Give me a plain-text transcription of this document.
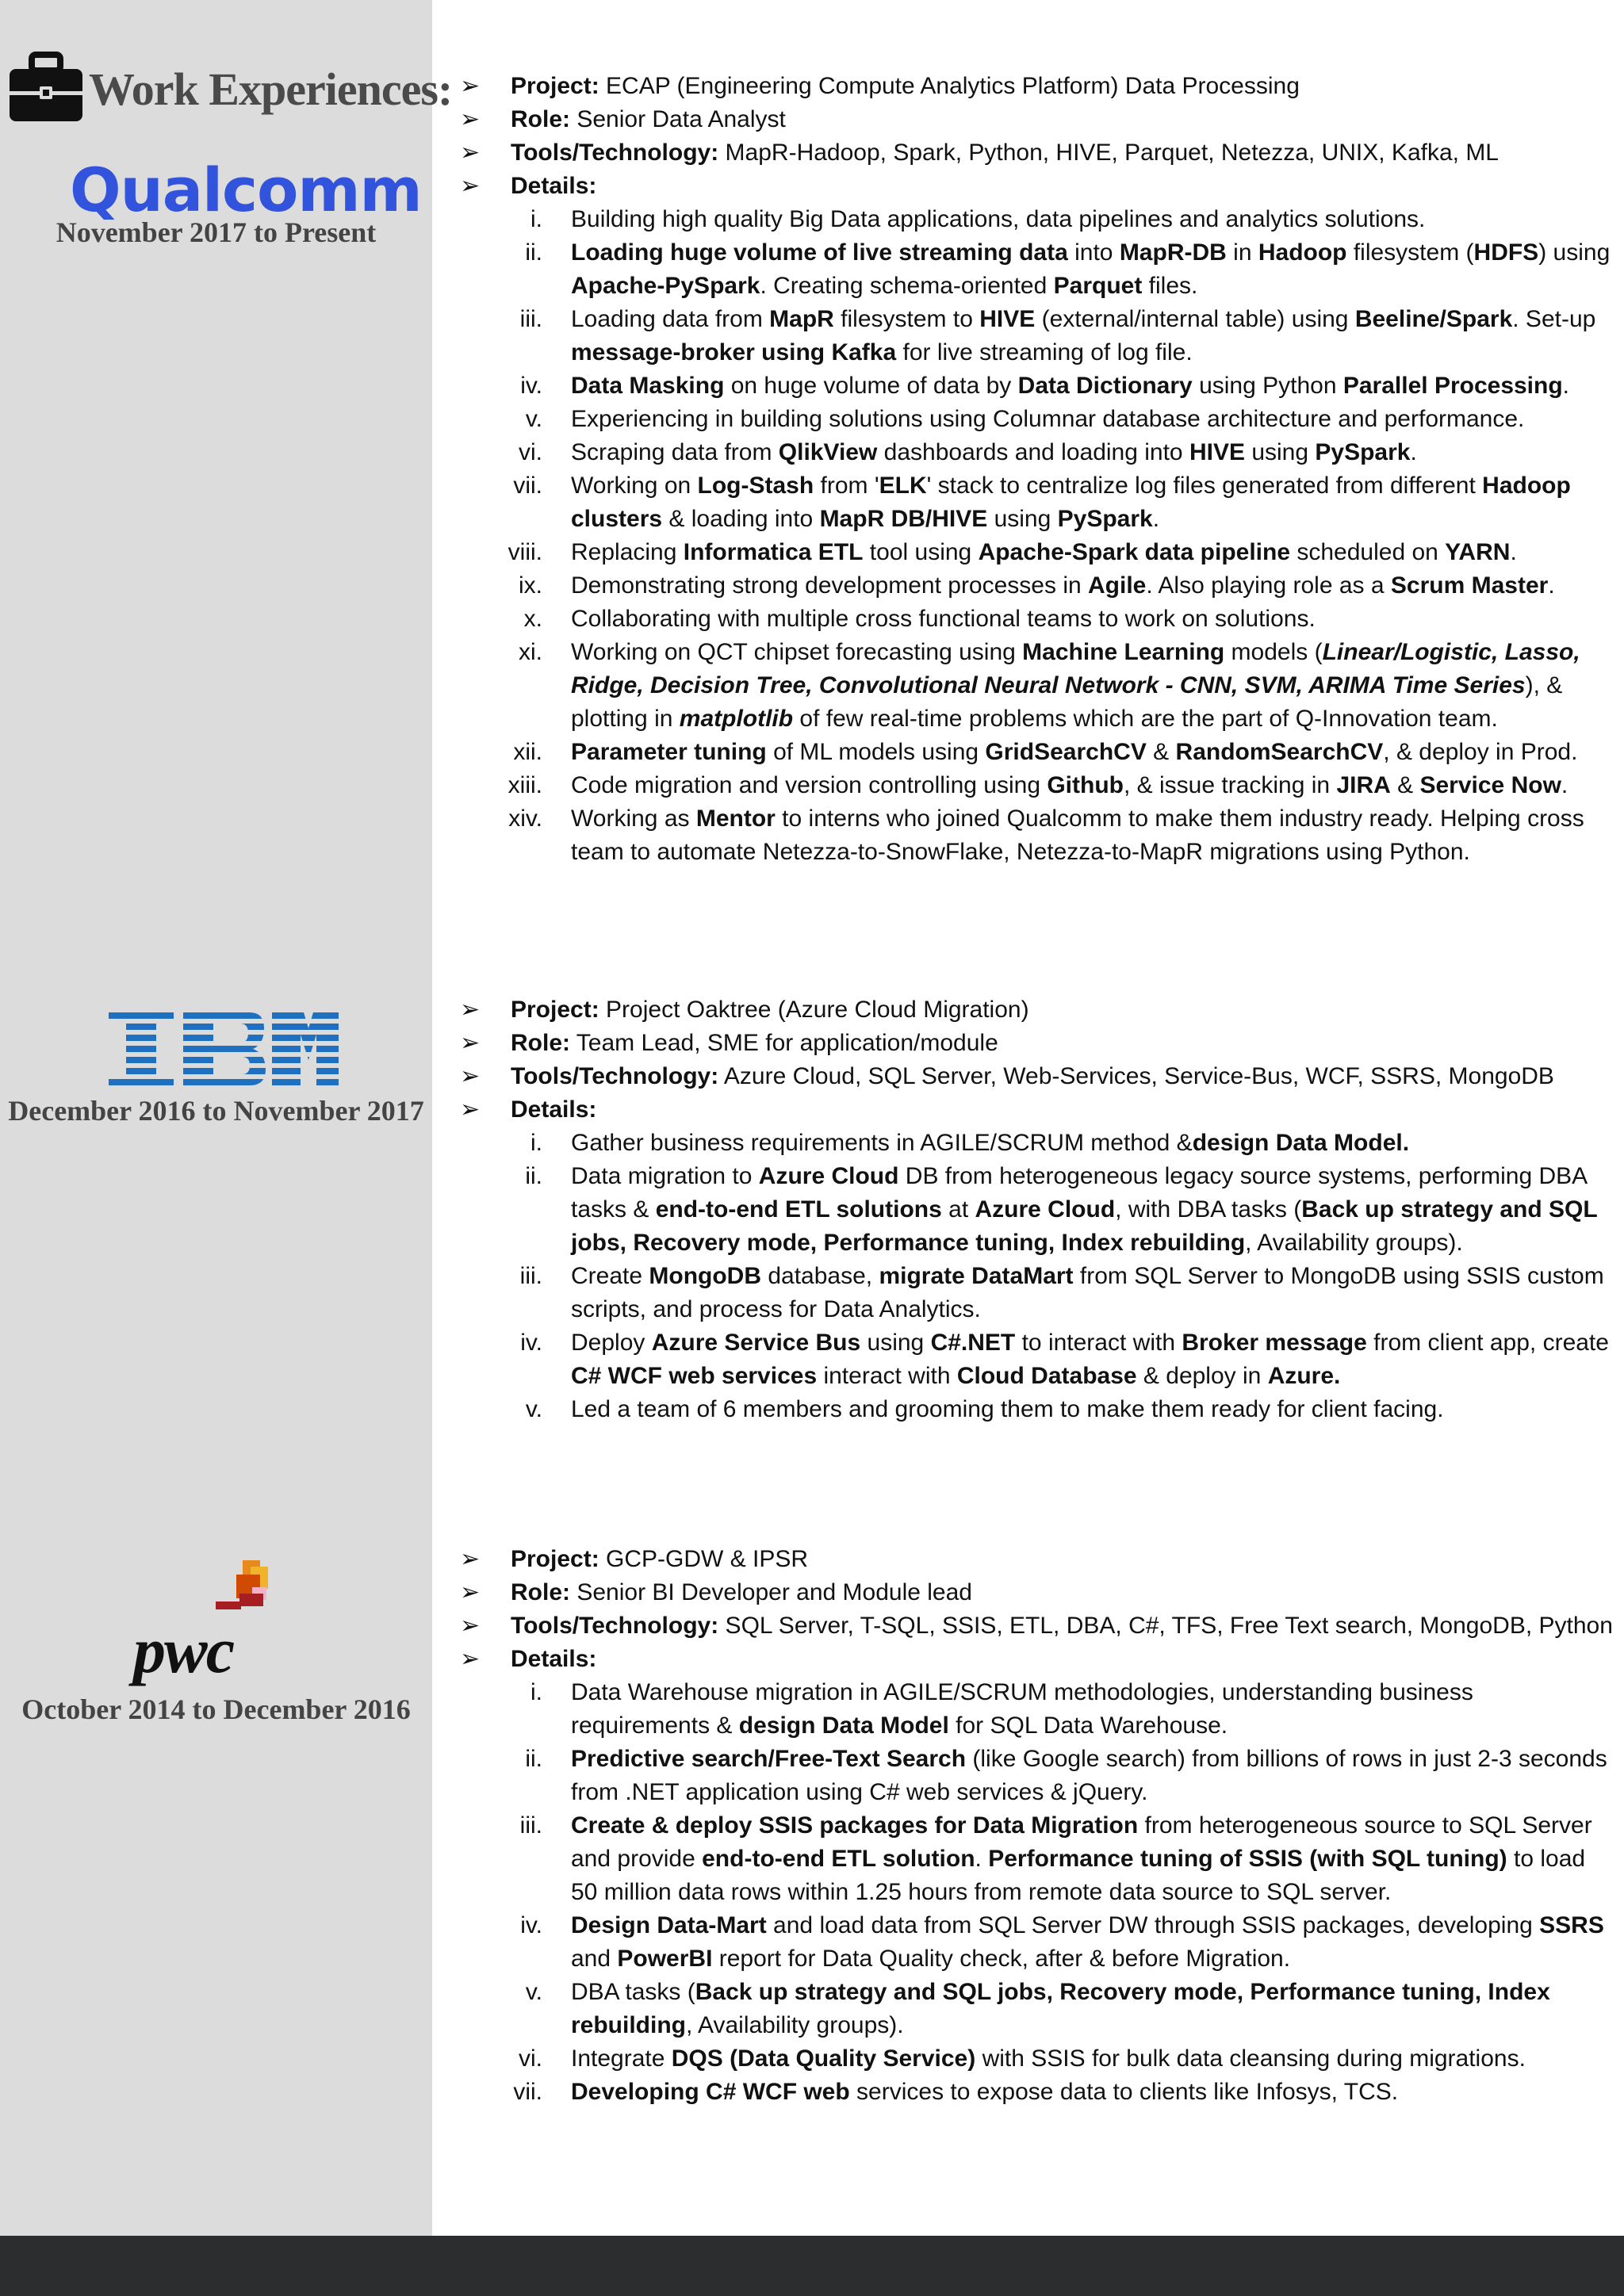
Work Experiences:
Qualcomm
November 2017 to Present
December 2016 to November 2017
pwc
October 2014 to December 2016
➢	Project: ECAP (Engineering Compute Analytics Platform) Data Processing
➢	Role: Senior Data Analyst
➢	Tools/Technology: MapR-Hadoop, Spark, Python, HIVE, Parquet, Netezza, UNIX, Kafka, ML
➢	Details:
i.	Building high quality Big Data applications, data pipelines and analytics solutions.
ii.	Loading huge volume of live streaming data into MapR-DB in Hadoop filesystem (HDFS) using Apache-PySpark. Creating schema-oriented Parquet files.
iii.	Loading data from MapR filesystem to HIVE (external/internal table) using Beeline/Spark. Set-up message-broker using Kafka for live streaming of log file.
iv.	Data Masking on huge volume of data by Data Dictionary using Python Parallel Processing.
v.	Experiencing in building solutions using Columnar database architecture and performance.
vi.	Scraping data from QlikView dashboards and loading into HIVE using PySpark.
vii.	Working on Log-Stash from 'ELK' stack to centralize log files generated from different Hadoop clusters & loading into MapR DB/HIVE using PySpark.
viii.	Replacing Informatica ETL tool using Apache-Spark data pipeline scheduled on YARN.
ix.	Demonstrating strong development processes in Agile. Also playing role as a Scrum Master.
x.	Collaborating with multiple cross functional teams to work on solutions.
xi.	Working on QCT chipset forecasting using Machine Learning models (Linear/Logistic, Lasso, Ridge, Decision Tree, Convolutional Neural Network - CNN, SVM, ARIMA Time Series), & plotting in matplotlib of few real-time problems which are the part of Q-Innovation team.
xii.	Parameter tuning of ML models using GridSearchCV & RandomSearchCV, & deploy in Prod.
xiii.	Code migration and version controlling using Github, & issue tracking in JIRA & Service Now.
xiv.	Working as Mentor to interns who joined Qualcomm to make them industry ready. Helping cross team to automate Netezza-to-SnowFlake, Netezza-to-MapR migrations using Python.
➢	Project: Project Oaktree (Azure Cloud Migration)
➢	Role: Team Lead, SME for application/module
➢	Tools/Technology: Azure Cloud, SQL Server, Web-Services, Service-Bus, WCF, SSRS, MongoDB
➢	Details:
i.	Gather business requirements in AGILE/SCRUM method &design Data Model.
ii.	Data migration to Azure Cloud DB from heterogeneous legacy source systems, performing DBA tasks & end-to-end ETL solutions at Azure Cloud, with DBA tasks (Back up strategy and SQL jobs, Recovery mode, Performance tuning, Index rebuilding, Availability groups).
iii.	Create MongoDB database, migrate DataMart from SQL Server to MongoDB using SSIS custom scripts, and process for Data Analytics.
iv.	Deploy Azure Service Bus using C#.NET to interact with Broker message from client app, create C# WCF web services interact with Cloud Database & deploy in Azure.
v.	Led a team of 6 members and grooming them to make them ready for client facing.
➢	Project: GCP-GDW & IPSR
➢	Role: Senior BI Developer and Module lead
➢	Tools/Technology: SQL Server, T-SQL, SSIS, ETL, DBA, C#, TFS, Free Text search, MongoDB, Python
➢	Details:
i.	Data Warehouse migration in AGILE/SCRUM methodologies, understanding business requirements & design Data Model for SQL Data Warehouse.
ii.	Predictive search/Free-Text Search (like Google search) from billions of rows in just 2-3 seconds from .NET application using C# web services & jQuery.
iii.	Create & deploy SSIS packages for Data Migration from heterogeneous source to SQL Server and provide end-to-end ETL solution. Performance tuning of SSIS (with SQL tuning) to load 50 million data rows within 1.25 hours from remote data source to SQL server.
iv.	Design Data-Mart and load data from SQL Server DW through SSIS packages, developing SSRS and PowerBI report for Data Quality check, after & before Migration.
v.	DBA tasks (Back up strategy and SQL jobs, Recovery mode, Performance tuning, Index rebuilding, Availability groups).
vi.	Integrate DQS (Data Quality Service) with SSIS for bulk data cleansing during migrations.
vii.	Developing C# WCF web services to expose data to clients like Infosys, TCS.
